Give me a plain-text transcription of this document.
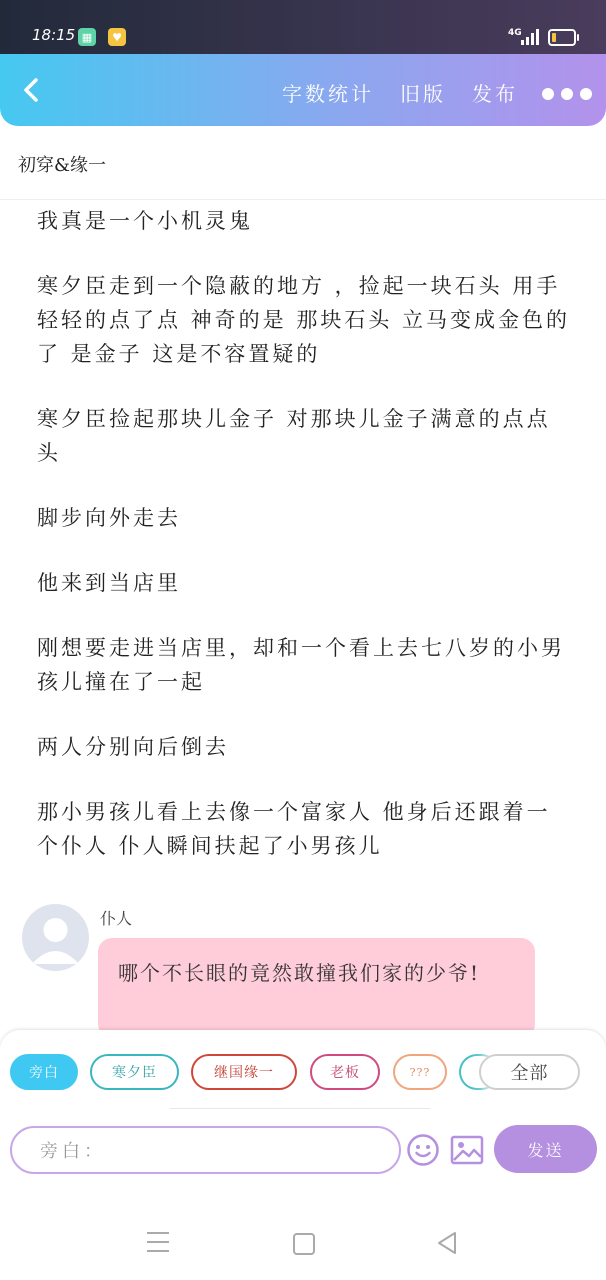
18:15 ▦	♥	4G
字数统计 旧版 发布
初穿&缘一

我真是一个小机灵鬼

寒夕臣走到一个隐蔽的地方 ，捡起一块石头 用手轻轻的点了点 神奇的是 那块石头 立马变成金色的了 是金子 这是不容置疑的

寒夕臣捡起那块儿金子 对那块儿金子满意的点点头

脚步向外走去

他来到当店里

刚想要走进当店里，却和一个看上去七八岁的小男孩儿撞在了一起

两人分别向后倒去

那小男孩儿看上去像一个富家人 他身后还跟着一个仆人 仆人瞬间扶起了小男孩儿

仆人
哪个不长眼的竟然敢撞我们家的少爷!
旁白	寒夕臣	继国缘一	老板	???	全部
旁白：
发送
